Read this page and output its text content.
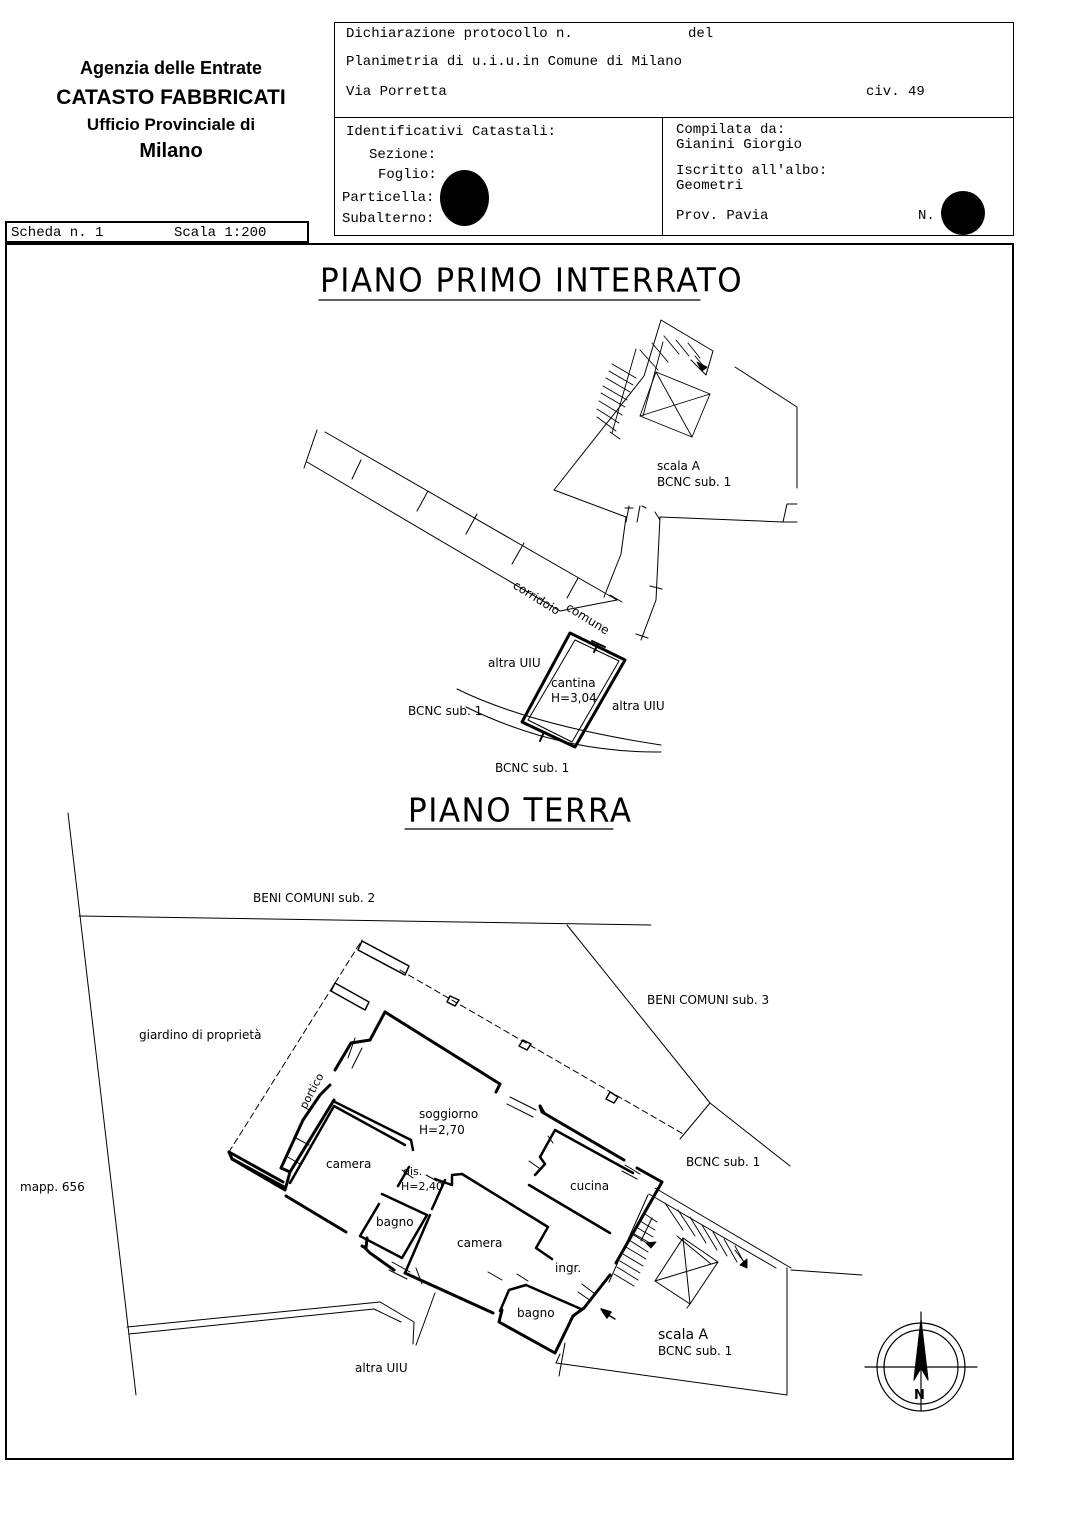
Agenzia delle Entrate
CATASTO FABBRICATI
Ufficio Provinciale di
Milano
Dichiarazione protocollo n.	del
Planimetria di u.i.u.in Comune di Milano
Via Porretta	civ. 49
Identificativi Catastali:
Sezione:
Foglio:
Particella:
Subalterno:
Compilata da:
Gianini Giorgio
Iscritto all'albo:
Geometri
Prov. Pavia	N.
Scheda n. 1	Scala 1:200
PIANO PRIMO INTERRATO
scala A
BCNC sub. 1
corridoio
comune
altra UIU
cantina
H=3,04
altra UIU
BCNC sub. 1
BCNC sub. 1
PIANO TERRA
BENI COMUNI sub. 2
BENI COMUNI sub. 3
giardino di proprietà
portico
soggiorno
H=2,70
camera
dis.
H=2,40	cucina
BCNC sub. 1
mapp. 656
bagno
camera
ingr.
bagno
altra UIU
scala A
BCNC sub. 1
N
